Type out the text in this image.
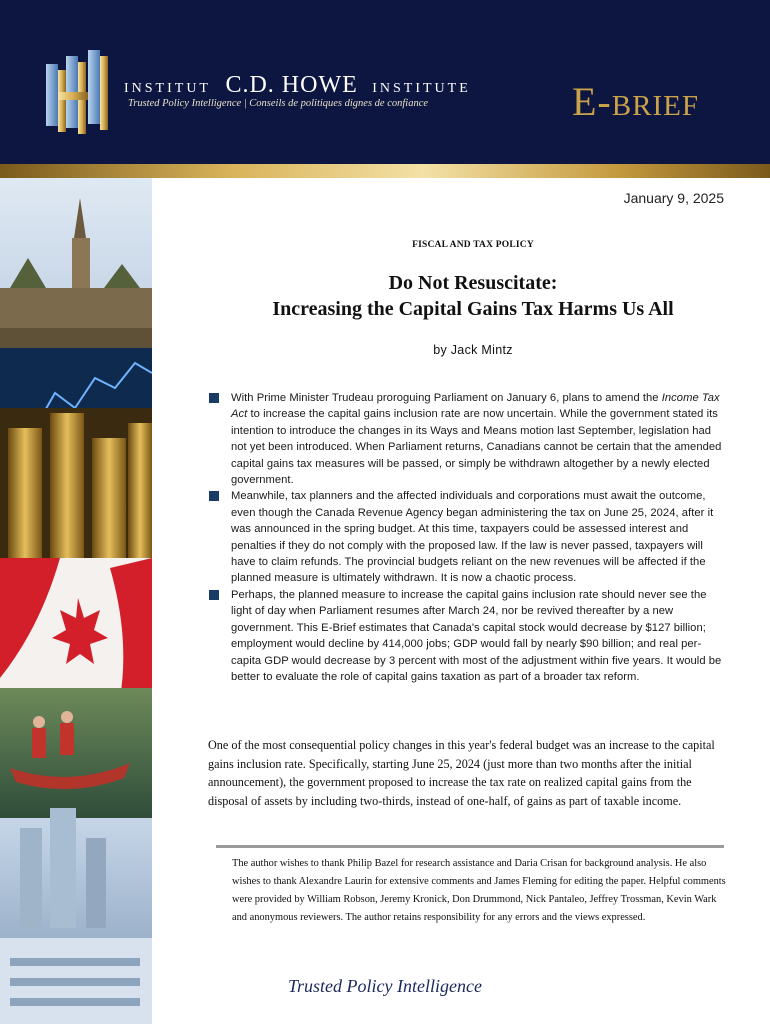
INSTITUT C.D. HOWE INSTITUTE
Trusted Policy Intelligence | Conseils de politiques dignes de confiance	E-BRIEF
January 9, 2025
FISCAL AND TAX POLICY
Do Not Resuscitate:
Increasing the Capital Gains Tax Harms Us All
by Jack Mintz
With Prime Minister Trudeau proroguing Parliament on January 6, plans to amend the Income Tax Act to increase the capital gains inclusion rate are now uncertain. While the government stated its intention to introduce the changes in its Ways and Means motion last September, legislation had not yet been introduced. When Parliament returns, Canadians cannot be certain that the amended capital gains tax measures will be passed, or simply be withdrawn altogether by a newly elected government.
Meanwhile, tax planners and the affected individuals and corporations must await the outcome, even though the Canada Revenue Agency began administering the tax on June 25, 2024, after it was announced in the spring budget. At this time, taxpayers could be assessed interest and penalties if they do not comply with the proposed law. If the law is never passed, taxpayers will have to claim refunds. The provincial budgets reliant on the new revenues will be affected if the planned measure is ultimately withdrawn. It is now a chaotic process.
Perhaps, the planned measure to increase the capital gains inclusion rate should never see the light of day when Parliament resumes after March 24, nor be revived thereafter by a new government. This E-Brief estimates that Canada's capital stock would decrease by $127 billion; employment would decline by 414,000 jobs; GDP would fall by nearly $90 billion; and real per-capita GDP would decrease by 3 percent with most of the adjustment within five years. It would be better to evaluate the role of capital gains taxation as part of a broader tax reform.
One of the most consequential policy changes in this year's federal budget was an increase to the capital gains inclusion rate. Specifically, starting June 25, 2024 (just more than two months after the initial announcement), the government proposed to increase the tax rate on realized capital gains from the disposal of assets by including two-thirds, instead of one-half, of gains as part of taxable income.
The author wishes to thank Philip Bazel for research assistance and Daria Crisan for background analysis. He also wishes to thank Alexandre Laurin for extensive comments and James Fleming for editing the paper. Helpful comments were provided by William Robson, Jeremy Kronick, Don Drummond, Nick Pantaleo, Jeffrey Trossman, Kevin Wark and anonymous reviewers. The author retains responsibility for any errors and the views expressed.
Trusted Policy Intelligence
